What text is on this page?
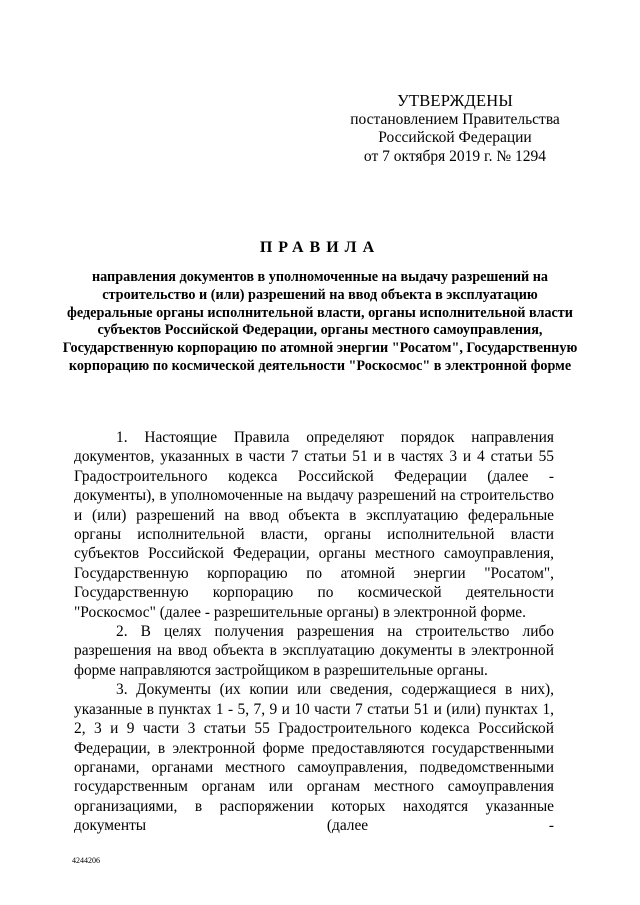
УТВЕРЖДЕНЫ
постановлением Правительства
Российской Федерации
от 7 октября 2019 г. № 1294
ПРАВИЛА
направления документов в уполномоченные на выдачу разрешений на строительство и (или) разрешений на ввод объекта в эксплуатацию федеральные органы исполнительной власти, органы исполнительной власти субъектов Российской Федерации, органы местного самоуправления, Государственную корпорацию по атомной энергии "Росатом", Государственную корпорацию по космической деятельности "Роскосмос" в электронной форме

1. Настоящие Правила определяют порядок направления документов, указанных в части 7 статьи 51 и в частях 3 и 4 статьи 55 Градостроительного кодекса Российской Федерации (далее - документы), в уполномоченные на выдачу разрешений на строительство и (или) разрешений на ввод объекта в эксплуатацию федеральные органы исполнительной власти, органы исполнительной власти субъектов Российской Федерации, органы местного самоуправления, Государственную корпорацию по атомной энергии "Росатом", Государственную корпорацию по космической деятельности "Роскосмос" (далее - разрешительные органы) в электронной форме.

2. В целях получения разрешения на строительство либо разрешения на ввод объекта в эксплуатацию документы в электронной форме направляются застройщиком в разрешительные органы.

3. Документы (их копии или сведения, содержащиеся в них), указанные в пунктах 1 - 5, 7, 9 и 10 части 7 статьи 51 и (или) пунктах 1, 2, 3 и 9 части 3 статьи 55 Градостроительного кодекса Российской Федерации, в электронной форме предоставляются государственными органами, органами местного самоуправления, подведомственными государственным органам или органам местного самоуправления организациями, в распоряжении которых находятся указанные документы (далее -

4244206
